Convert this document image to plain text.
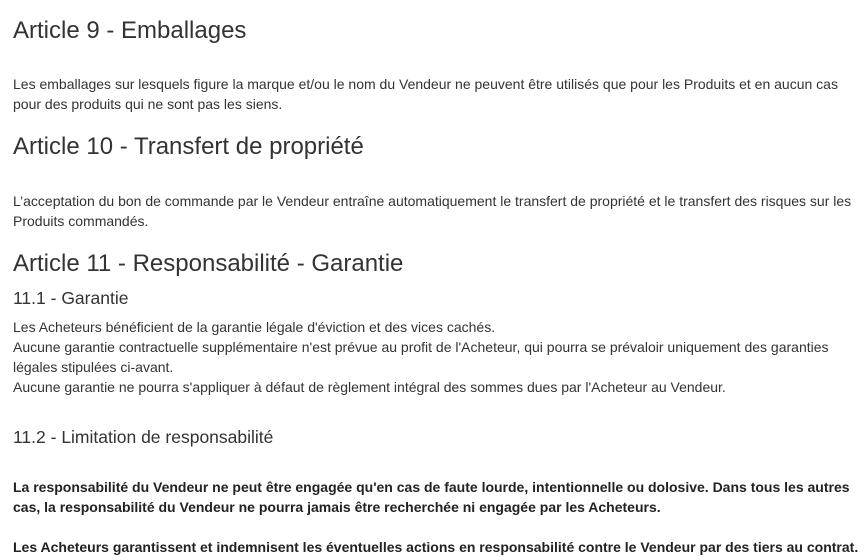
Article 9 - Emballages

Les emballages sur lesquels figure la marque et/ou le nom du Vendeur ne peuvent être utilisés que pour les Produits et en aucun cas
pour des produits qui ne sont pas les siens.

Article 10 - Transfert de propriété

L’acceptation du bon de commande par le Vendeur entraîne automatiquement le transfert de propriété et le transfert des risques sur les
Produits commandés.

Article 11 - Responsabilité - Garantie
11.1 - Garantie

Les Acheteurs bénéficient de la garantie légale d'éviction et des vices cachés.
Aucune garantie contractuelle supplémentaire n'est prévue au profit de l'Acheteur, qui pourra se prévaloir uniquement des garanties
légales stipulées ci-avant.
Aucune garantie ne pourra s'appliquer à défaut de règlement intégral des sommes dues par l'Acheteur au Vendeur.

11.2 - Limitation de responsabilité

La responsabilité du Vendeur ne peut être engagée qu'en cas de faute lourde, intentionnelle ou dolosive. Dans tous les autres
cas, la responsabilité du Vendeur ne pourra jamais être recherchée ni engagée par les Acheteurs.

Les Acheteurs garantissent et indemnisent les éventuelles actions en responsabilité contre le Vendeur par des tiers au contrat.
